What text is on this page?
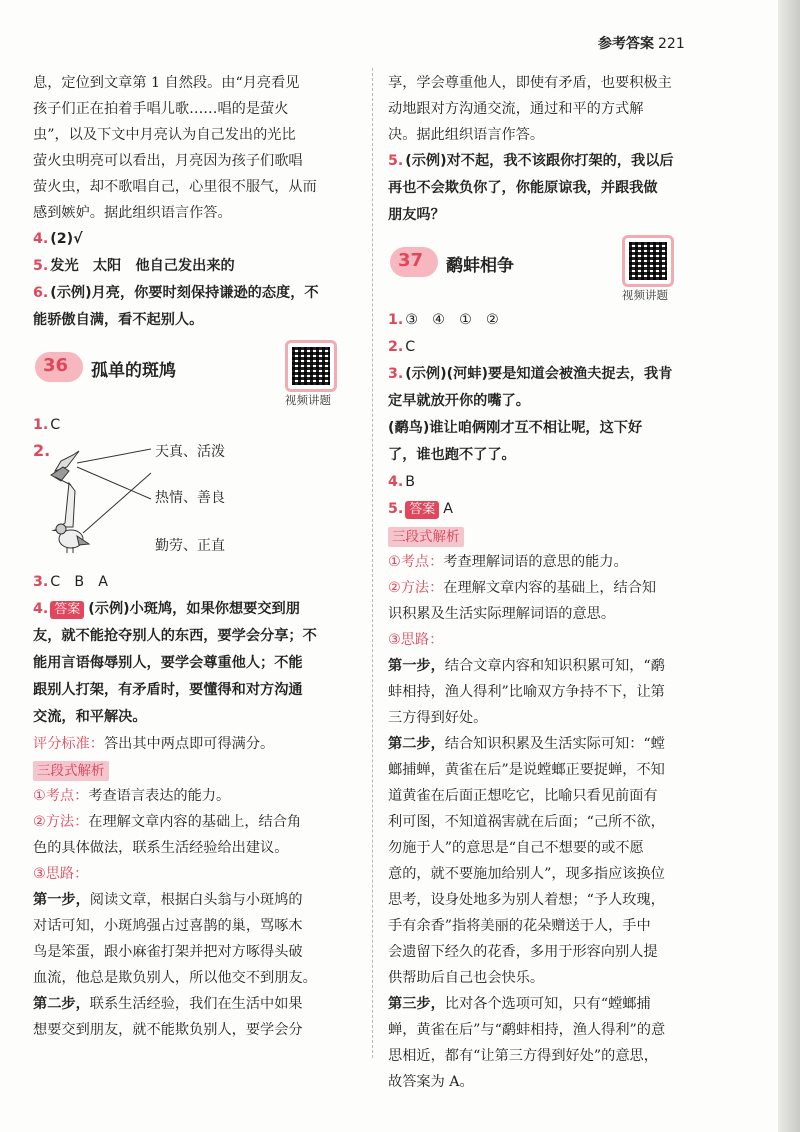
参考答案 221

息，定位到文章第 1 自然段。由“月亮看见

孩子们正在拍着手唱儿歌……唱的是萤火

虫”，以及下文中月亮认为自己发出的光比

萤火虫明亮可以看出，月亮因为孩子们歌唱

萤火虫，却不歌唱自己，心里很不服气，从而

感到嫉妒。据此组织语言作答。

4. (2)√

5. 发光　太阳　他自己发出来的

6. (示例)月亮，你要时刻保持谦逊的态度，不

能骄傲自满，看不起别人。

36 孤单的斑鸠
视频讲题

1. C

2.	天真、活泼
热情、善良
勤劳、正直

3. C　B　A

4. 答案 (示例)小斑鸠，如果你想要交到朋

友，就不能抢夺别人的东西，要学会分享；不

能用言语侮辱别人，要学会尊重他人；不能

跟别人打架，有矛盾时，要懂得和对方沟通

交流，和平解决。

评分标准：答出其中两点即可得满分。

三段式解析

①考点：考查语言表达的能力。

②方法：在理解文章内容的基础上，结合角

色的具体做法，联系生活经验给出建议。

③思路：

第一步，阅读文章，根据白头翁与小斑鸠的

对话可知，小斑鸠强占过喜鹊的巢，骂啄木

鸟是笨蛋，跟小麻雀打架并把对方啄得头破

血流，他总是欺负别人，所以他交不到朋友。

第二步，联系生活经验，我们在生活中如果

想要交到朋友，就不能欺负别人，要学会分

享，学会尊重他人，即使有矛盾，也要积极主

动地跟对方沟通交流，通过和平的方式解

决。据此组织语言作答。

5. (示例)对不起，我不该跟你打架的，我以后

再也不会欺负你了，你能原谅我，并跟我做

朋友吗？

37 鹬蚌相争
视频讲题

1. ③　④　①　②

2. C

3. (示例)(河蚌)要是知道会被渔夫捉去，我肯

定早就放开你的嘴了。

(鹬鸟)谁让咱俩刚才互不相让呢，这下好

了，谁也跑不了了。

4. B

5. 答案 A

三段式解析

①考点：考查理解词语的意思的能力。

②方法：在理解文章内容的基础上，结合知

识积累及生活实际理解词语的意思。

③思路：

第一步，结合文章内容和知识积累可知，“鹬

蚌相持，渔人得利”比喻双方争持不下，让第

三方得到好处。

第二步，结合知识积累及生活实际可知：“螳

螂捕蝉，黄雀在后”是说螳螂正要捉蝉，不知

道黄雀在后面正想吃它，比喻只看见前面有

利可图，不知道祸害就在后面；“己所不欲，

勿施于人”的意思是“自己不想要的或不愿

意的，就不要施加给别人”，现多指应该换位

思考，设身处地多为别人着想；“予人玫瑰，

手有余香”指将美丽的花朵赠送于人，手中

会遗留下经久的花香，多用于形容向别人提

供帮助后自己也会快乐。

第三步，比对各个选项可知，只有“螳螂捕

蝉，黄雀在后”与“鹬蚌相持，渔人得利”的意

思相近，都有“让第三方得到好处”的意思，

故答案为 A。
